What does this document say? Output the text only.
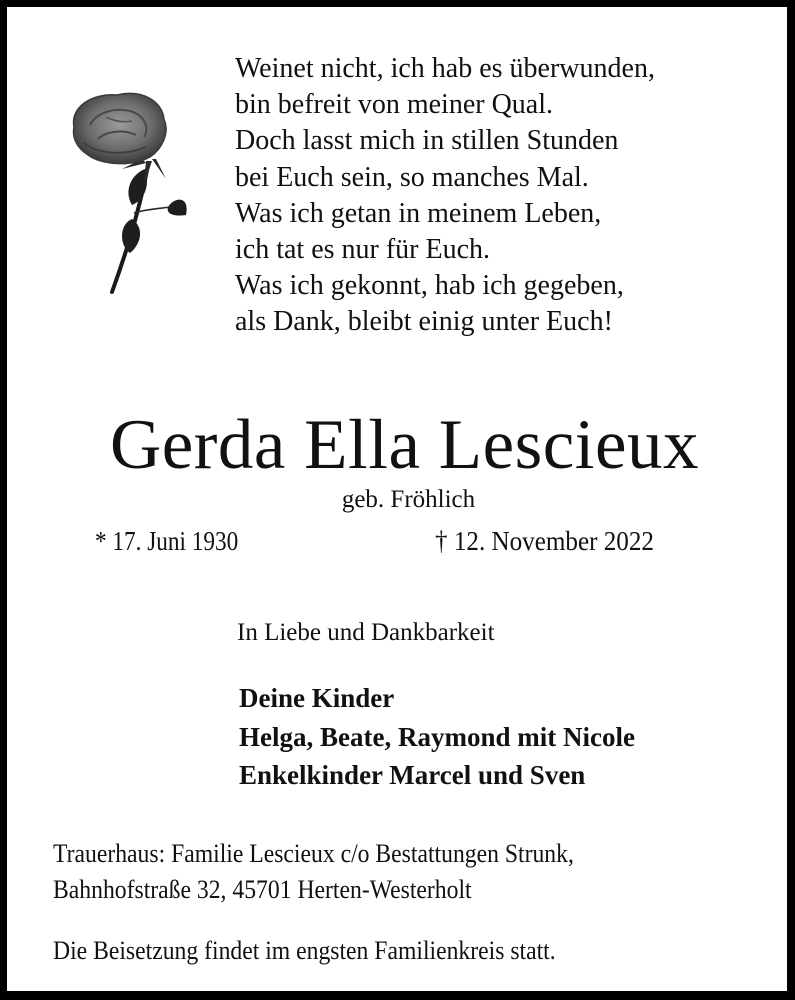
Weinet nicht, ich hab es überwunden,
bin befreit von meiner Qual.
Doch lasst mich in stillen Stunden
bei Euch sein, so manches Mal.
Was ich getan in meinem Leben,
ich tat es nur für Euch.
Was ich gekonnt, hab ich gegeben,
als Dank, bleibt einig unter Euch!
Gerda Ella Lescieux
geb. Fröhlich
* 17. Juni 1930	† 12. November 2022
In Liebe und Dankbarkeit
Deine Kinder
Helga, Beate, Raymond mit Nicole
Enkelkinder Marcel und Sven
Trauerhaus: Familie Lescieux c/o Bestattungen Strunk,
Bahnhofstraße 32, 45701 Herten-Westerholt
Die Beisetzung findet im engsten Familienkreis statt.
